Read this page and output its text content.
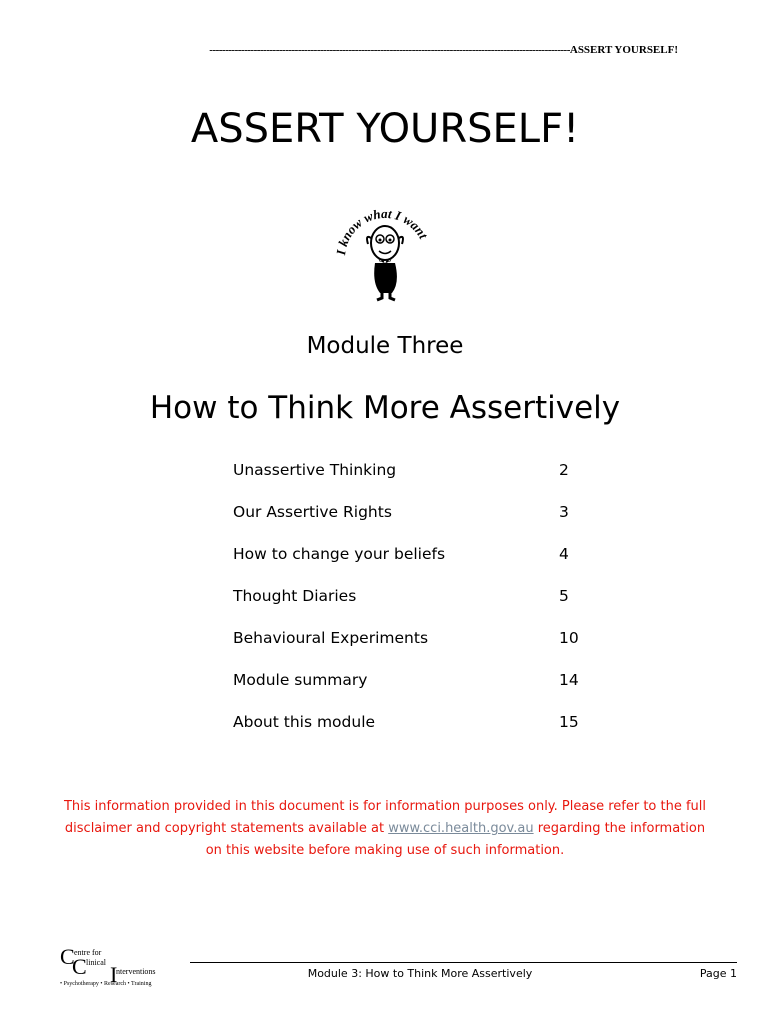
------------------------------------------------------------------------------------------------------------------ASSERT YOURSELF!
ASSERT YOURSELF!
I know what I want
Module Three
How to Think More Assertively
Unassertive Thinking	2
Our Assertive Rights	3
How to change your beliefs	4
Thought Diaries	5
Behavioural Experiments	10
Module summary	14
About this module	15
This information provided in this document is for information purposes only. Please refer to the full disclaimer and copyright statements available at www.cci.health.gov.au regarding the information on this website before making use of such information.
C entre for
C linical I
nterventions
• Psychotherapy • Research • Training
Module 3: How to Think More Assertively	Page 1
